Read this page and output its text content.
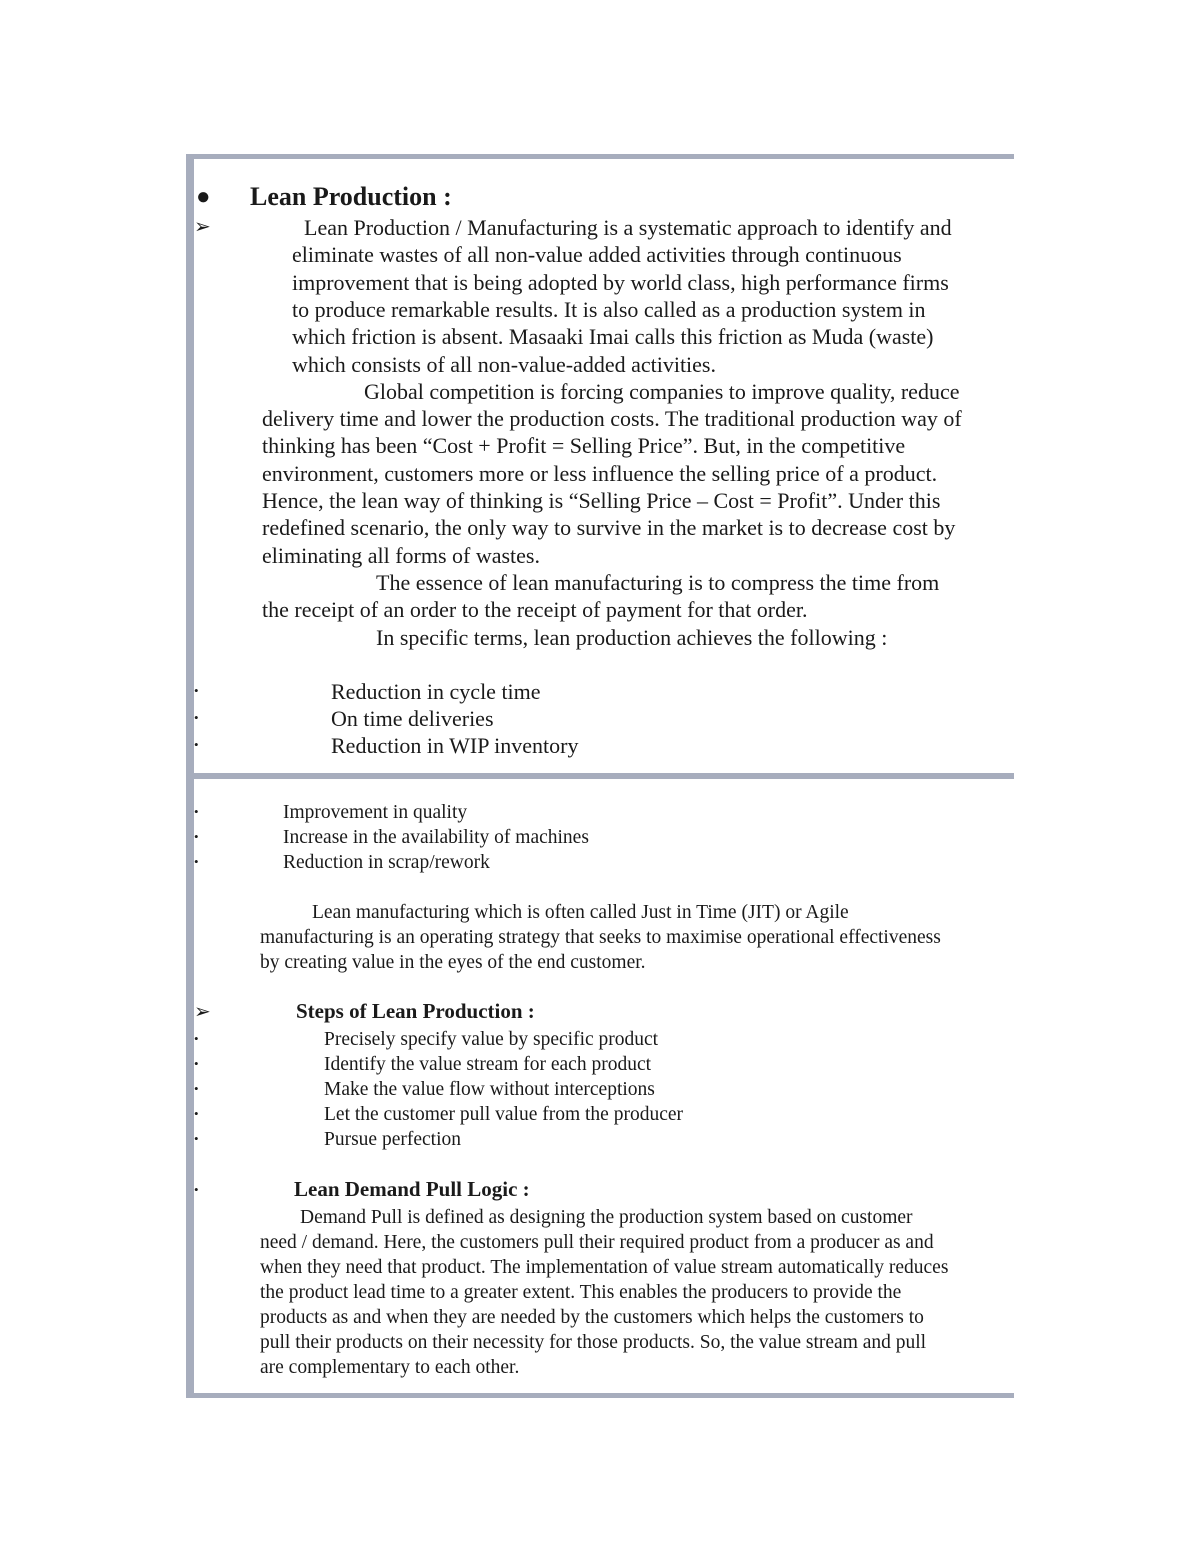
● Lean Production :
➢	Lean Production / Manufacturing is a systematic approach to identify and
eliminate wastes of all non-value added activities through continuous
improvement that is being adopted by world class, high performance firms
to produce remarkable results. It is also called as a production system in
which friction is absent. Masaaki Imai calls this friction as Muda (waste)
which consists of all non-value-added activities.
Global competition is forcing companies to improve quality, reduce
delivery time and lower the production costs. The traditional production way of
thinking has been “Cost + Profit = Selling Price”. But, in the competitive
environment, customers more or less influence the selling price of a product.
Hence, the lean way of thinking is “Selling Price – Cost = Profit”. Under this
redefined scenario, the only way to survive in the market is to decrease cost by
eliminating all forms of wastes.
The essence of lean manufacturing is to compress the time from
the receipt of an order to the receipt of payment for that order.
In specific terms, lean production achieves the following :
•	Reduction in cycle time
•	On time deliveries
•	Reduction in WIP inventory
•	Improvement in quality
•	Increase in the availability of machines
•	Reduction in scrap/rework
Lean manufacturing which is often called Just in Time (JIT) or Agile
manufacturing is an operating strategy that seeks to maximise operational effectiveness
by creating value in the eyes of the end customer.
➢	Steps of Lean Production :
•	Precisely specify value by specific product
•	Identify the value stream for each product
•	Make the value flow without interceptions
•	Let the customer pull value from the producer
•	Pursue perfection
•	Lean Demand Pull Logic :
Demand Pull is defined as designing the production system based on customer
need / demand. Here, the customers pull their required product from a producer as and
when they need that product. The implementation of value stream automatically reduces
the product lead time to a greater extent. This enables the producers to provide the
products as and when they are needed by the customers which helps the customers to
pull their products on their necessity for those products. So, the value stream and pull
are complementary to each other.
